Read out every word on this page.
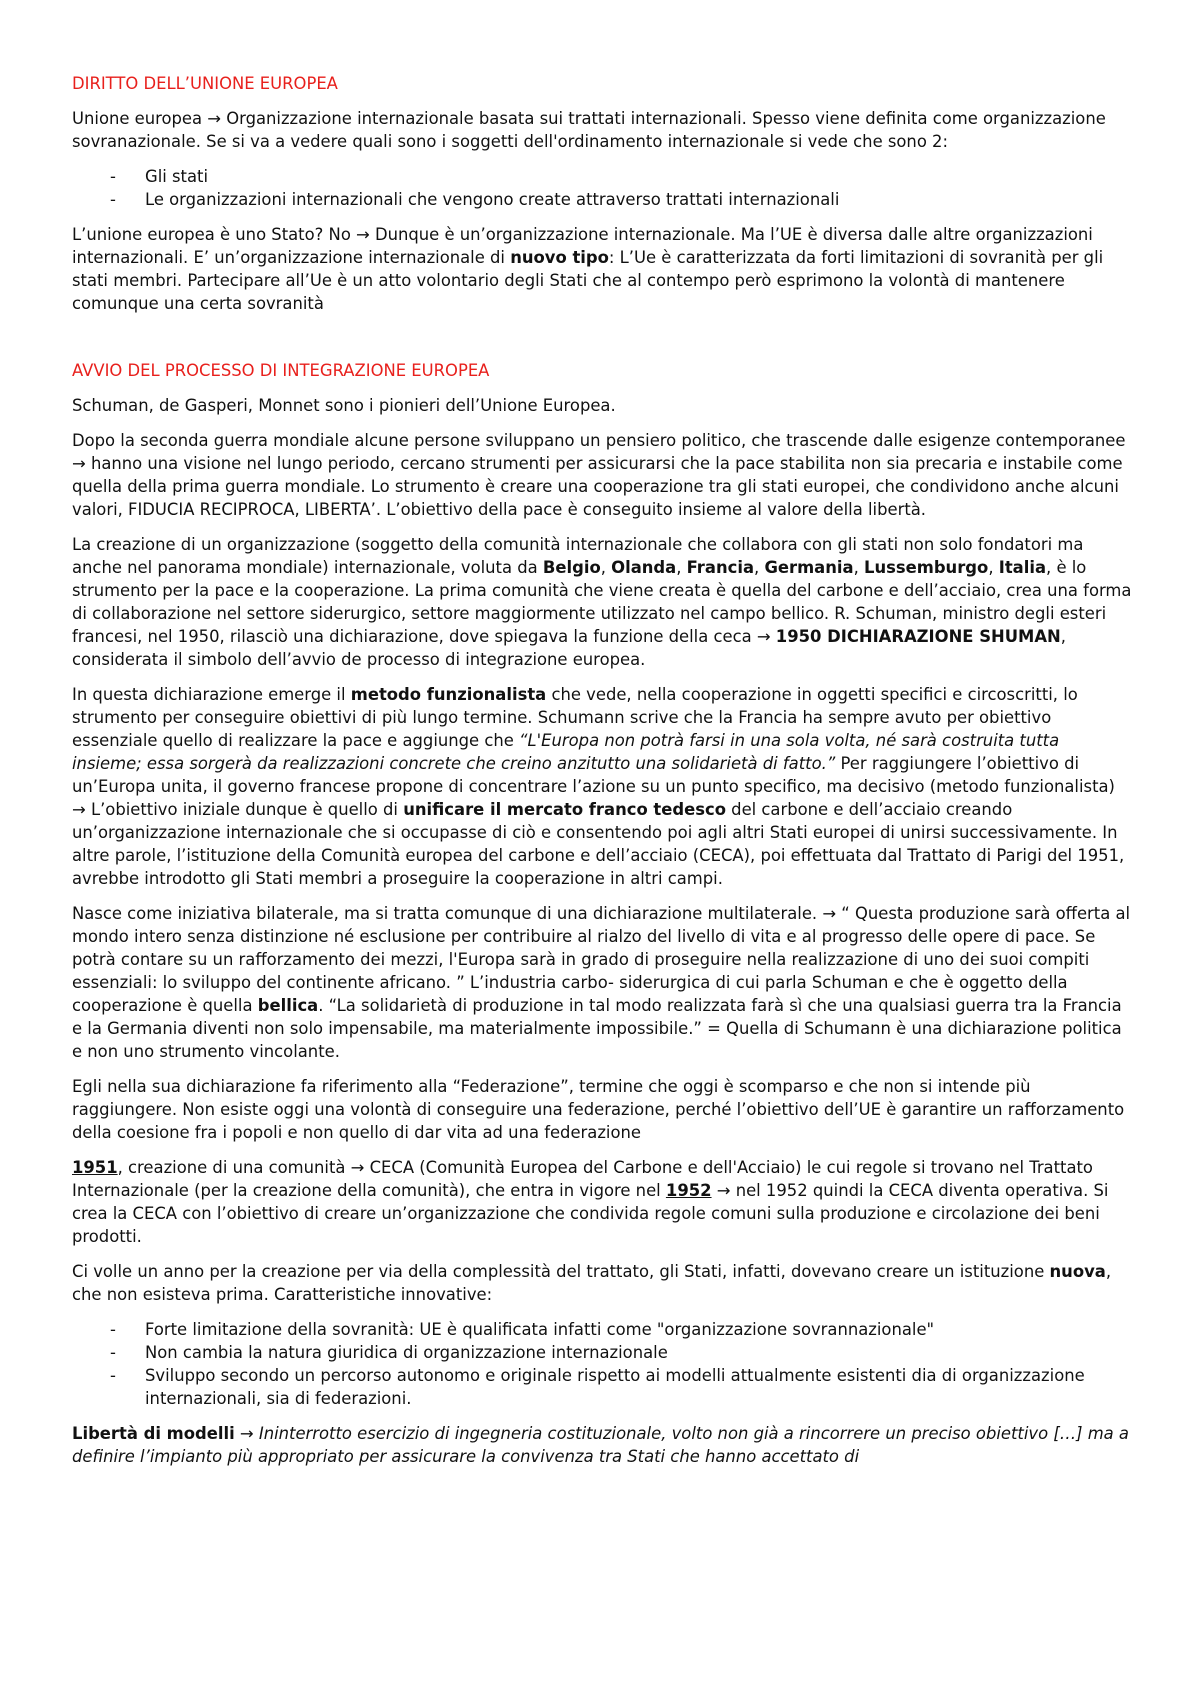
DIRITTO DELL’UNIONE EUROPEA

Unione europea → Organizzazione internazionale basata sui trattati internazionali. Spesso viene definita come organizzazione sovranazionale. Se si va a vedere quali sono i soggetti dell'ordinamento internazionale si vede che sono 2:

- Gli stati
- Le organizzazioni internazionali che vengono create attraverso trattati internazionali

L’unione europea è uno Stato? No → Dunque è un’organizzazione internazionale. Ma l’UE è diversa dalle altre organizzazioni internazionali. E’ un’organizzazione internazionale di nuovo tipo: L’Ue è caratterizzata da forti limitazioni di sovranità per gli stati membri. Partecipare all’Ue è un atto volontario degli Stati che al contempo però esprimono la volontà di mantenere comunque una certa sovranità

AVVIO DEL PROCESSO DI INTEGRAZIONE EUROPEA

Schuman, de Gasperi, Monnet sono i pionieri dell’Unione Europea.

Dopo la seconda guerra mondiale alcune persone sviluppano un pensiero politico, che trascende dalle esigenze contemporanee → hanno una visione nel lungo periodo, cercano strumenti per assicurarsi che la pace stabilita non sia precaria e instabile come quella della prima guerra mondiale. Lo strumento è creare una cooperazione tra gli stati europei, che condividono anche alcuni valori, FIDUCIA RECIPROCA, LIBERTA’. L’obiettivo della pace è conseguito insieme al valore della libertà.

La creazione di un organizzazione (soggetto della comunità internazionale che collabora con gli stati non solo fondatori ma anche nel panorama mondiale) internazionale, voluta da Belgio, Olanda, Francia, Germania, Lussemburgo, Italia, è lo strumento per la pace e la cooperazione. La prima comunità che viene creata è quella del carbone e dell’acciaio, crea una forma di collaborazione nel settore siderurgico, settore maggiormente utilizzato nel campo bellico. R. Schuman, ministro degli esteri francesi, nel 1950, rilasciò una dichiarazione, dove spiegava la funzione della ceca → 1950 DICHIARAZIONE SHUMAN, considerata il simbolo dell’avvio de processo di integrazione europea.

In questa dichiarazione emerge il metodo funzionalista che vede, nella cooperazione in oggetti specifici e circoscritti, lo strumento per conseguire obiettivi di più lungo termine. Schumann scrive che la Francia ha sempre avuto per obiettivo essenziale quello di realizzare la pace e aggiunge che “L'Europa non potrà farsi in una sola volta, né sarà costruita tutta insieme; essa sorgerà da realizzazioni concrete che creino anzitutto una solidarietà di fatto.” Per raggiungere l’obiettivo di un’Europa unita, il governo francese propone di concentrare l’azione su un punto specifico, ma decisivo (metodo funzionalista) → L’obiettivo iniziale dunque è quello di unificare il mercato franco tedesco del carbone e dell’acciaio creando un’organizzazione internazionale che si occupasse di ciò e consentendo poi agli altri Stati europei di unirsi successivamente. In altre parole, l’istituzione della Comunità europea del carbone e dell’acciaio (CECA), poi effettuata dal Trattato di Parigi del 1951, avrebbe introdotto gli Stati membri a proseguire la cooperazione in altri campi.

Nasce come iniziativa bilaterale, ma si tratta comunque di una dichiarazione multilaterale. → “ Questa produzione sarà offerta al mondo intero senza distinzione né esclusione per contribuire al rialzo del livello di vita e al progresso delle opere di pace. Se potrà contare su un rafforzamento dei mezzi, l'Europa sarà in grado di proseguire nella realizzazione di uno dei suoi compiti essenziali: lo sviluppo del continente africano. ” L’industria carbo- siderurgica di cui parla Schuman e che è oggetto della cooperazione è quella bellica. “La solidarietà di produzione in tal modo realizzata farà sì che una qualsiasi guerra tra la Francia e la Germania diventi non solo impensabile, ma materialmente impossibile.” = Quella di Schumann è una dichiarazione politica e non uno strumento vincolante.

Egli nella sua dichiarazione fa riferimento alla “Federazione”, termine che oggi è scomparso e che non si intende più raggiungere. Non esiste oggi una volontà di conseguire una federazione, perché l’obiettivo dell’UE è garantire un rafforzamento della coesione fra i popoli e non quello di dar vita ad una federazione

1951, creazione di una comunità → CECA (Comunità Europea del Carbone e dell'Acciaio) le cui regole si trovano nel Trattato Internazionale (per la creazione della comunità), che entra in vigore nel 1952 → nel 1952 quindi la CECA diventa operativa. Si crea la CECA con l’obiettivo di creare un’organizzazione che condivida regole comuni sulla produzione e circolazione dei beni prodotti.

Ci volle un anno per la creazione per via della complessità del trattato, gli Stati, infatti, dovevano creare un istituzione nuova, che non esisteva prima. Caratteristiche innovative:

- Forte limitazione della sovranità: UE è qualificata infatti come "organizzazione sovrannazionale"
- Non cambia la natura giuridica di organizzazione internazionale
- Sviluppo secondo un percorso autonomo e originale rispetto ai modelli attualmente esistenti dia di organizzazione internazionali, sia di federazioni.

Libertà di modelli → Ininterrotto esercizio di ingegneria costituzionale, volto non già a rincorrere un preciso obiettivo […] ma a definire l’impianto più appropriato per assicurare la convivenza tra Stati che hanno accettato di
